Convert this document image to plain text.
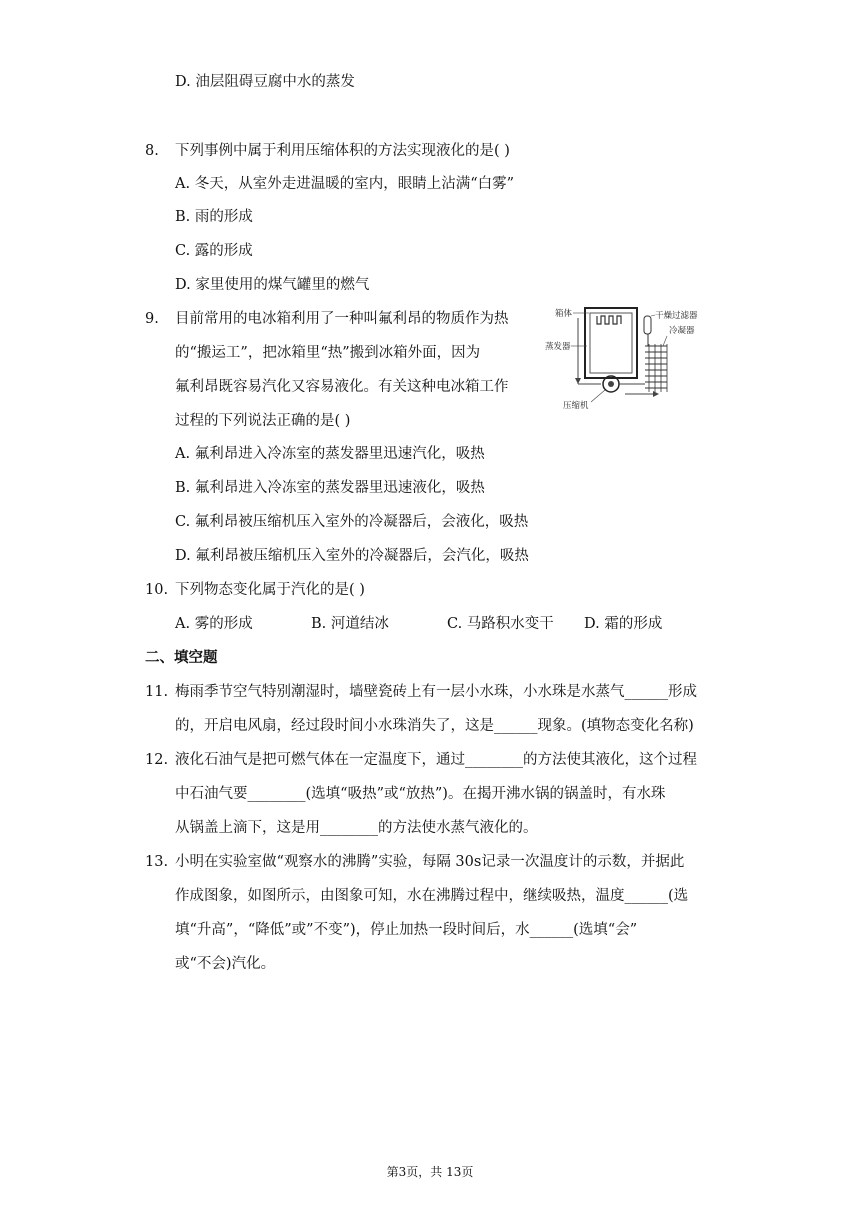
D. 油层阻碍豆腐中水的蒸发
8. 下列事例中属于利用压缩体积的方法实现液化的是( )
A. 冬天，从室外走进温暖的室内，眼睛上沾满“白雾”
B. 雨的形成
C. 露的形成
D. 家里使用的煤气罐里的燃气
9. 目前常用的电冰箱利用了一种叫氟利昂的物质作为热
的“搬运工”，把冰箱里“热”搬到冰箱外面，因为
氟利昂既容易汽化又容易液化。有关这种电冰箱工作
过程的下列说法正确的是( )
箱体	干燥过滤器
蒸发器
冷凝器
压缩机
A. 氟利昂进入冷冻室的蒸发器里迅速汽化，吸热
B. 氟利昂进入冷冻室的蒸发器里迅速液化，吸热
C. 氟利昂被压缩机压入室外的冷凝器后，会液化，吸热
D. 氟利昂被压缩机压入室外的冷凝器后，会汽化，吸热
10. 下列物态变化属于汽化的是( )
A. 雾的形成	B. 河道结冰	C. 马路积水变干 D. 霜的形成
二、填空题
11. 梅雨季节空气特别潮湿时，墙壁瓷砖上有一层小水珠，小水珠是水蒸气______形成
的，开启电风扇，经过段时间小水珠消失了，这是______现象。(填物态变化名称)
12. 液化石油气是把可燃气体在一定温度下，通过________的方法使其液化，这个过程
中石油气要________(选填“吸热”或“放热”)。在揭开沸水锅的锅盖时，有水珠
从锅盖上滴下，这是用________的方法使水蒸气液化的。
13. 小明在实验室做“观察水的沸腾”实验，每隔 30s记录一次温度计的示数，并据此
作成图象，如图所示，由图象可知，水在沸腾过程中，继续吸热，温度______(选
填“升高”，“降低”或”不变”)，停止加热一段时间后，水______(选填“会”
或“不会)汽化。
第3页，共 13页
